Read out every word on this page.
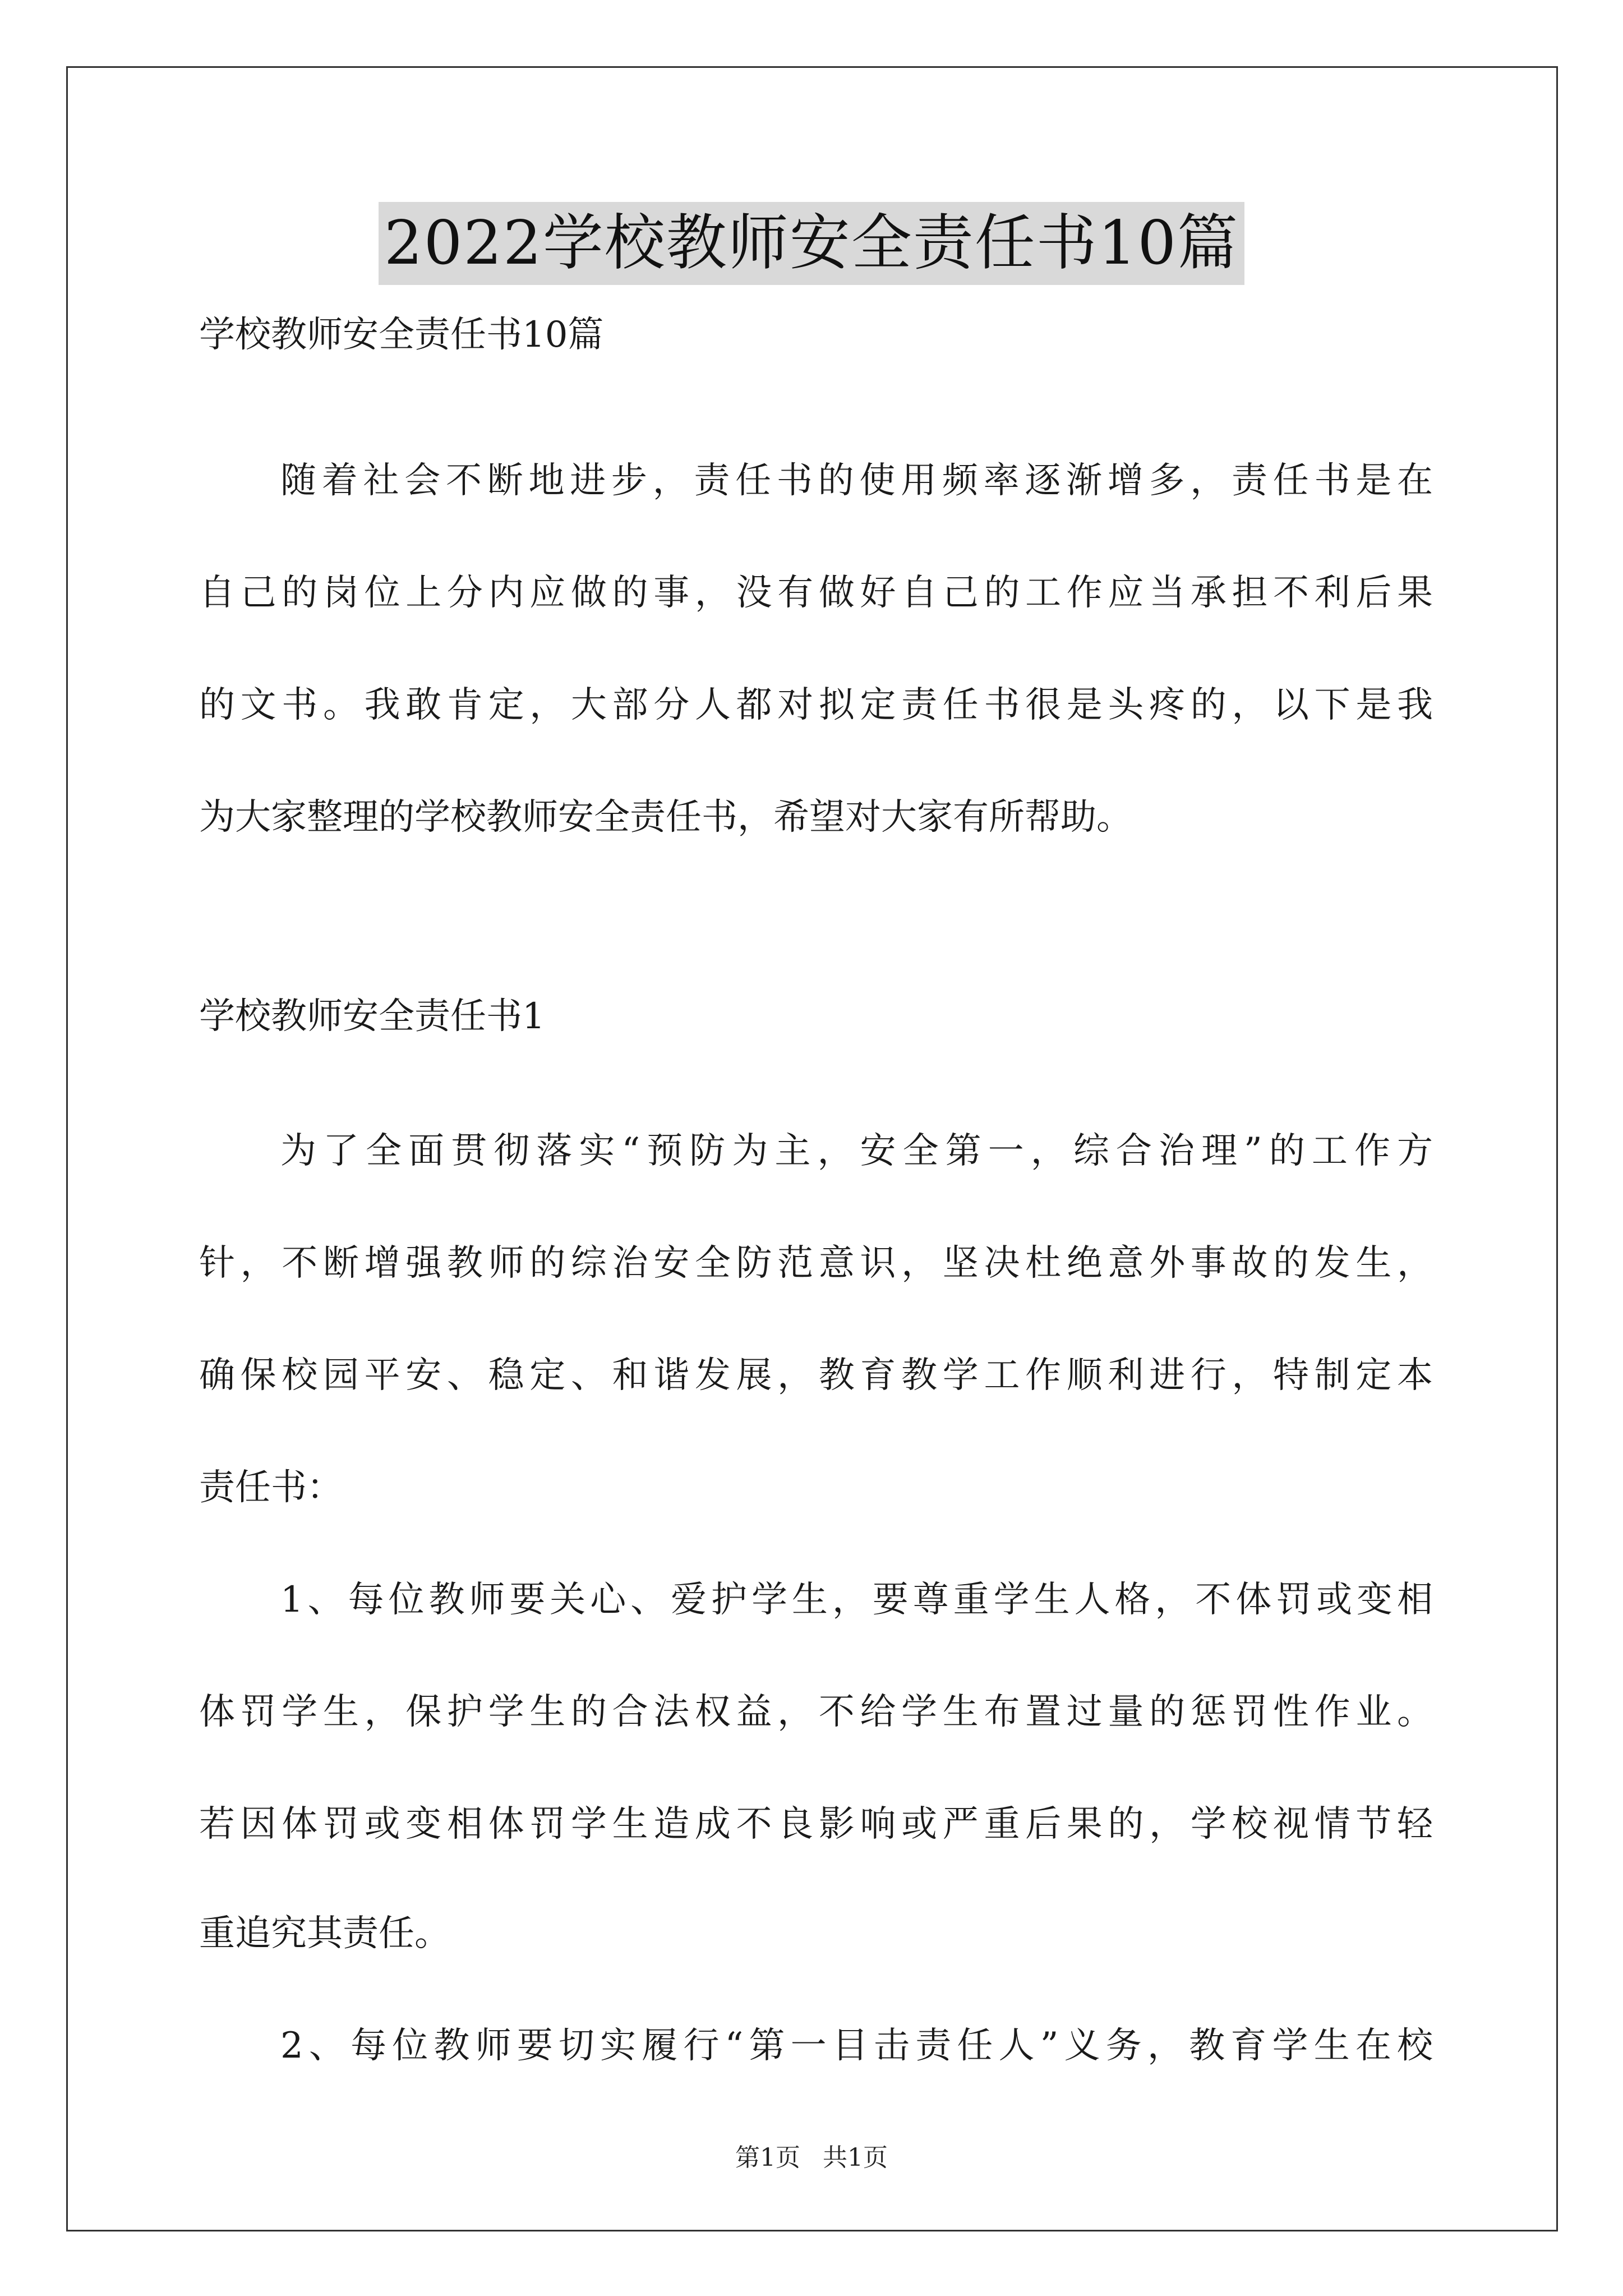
2022学校教师安全责任书10篇
学校教师安全责任书10篇
随着社会不断地进步，责任书的使用频率逐渐增多，责任书是在
自己的岗位上分内应做的事，没有做好自己的工作应当承担不利后果
的文书。我敢肯定，大部分人都对拟定责任书很是头疼的，以下是我
为大家整理的学校教师安全责任书，希望对大家有所帮助。
学校教师安全责任书1
为了全面贯彻落实“预防为主，安全第一，综合治理”的工作方
针，不断增强教师的综治安全防范意识，坚决杜绝意外事故的发生，
确保校园平安、稳定、和谐发展，教育教学工作顺利进行，特制定本
责任书：
1、每位教师要关心、爱护学生，要尊重学生人格，不体罚或变相
体罚学生，保护学生的合法权益，不给学生布置过量的惩罚性作业。
若因体罚或变相体罚学生造成不良影响或严重后果的，学校视情节轻
重追究其责任。
2、每位教师要切实履行“第一目击责任人”义务，教育学生在校
第1页 共1页
